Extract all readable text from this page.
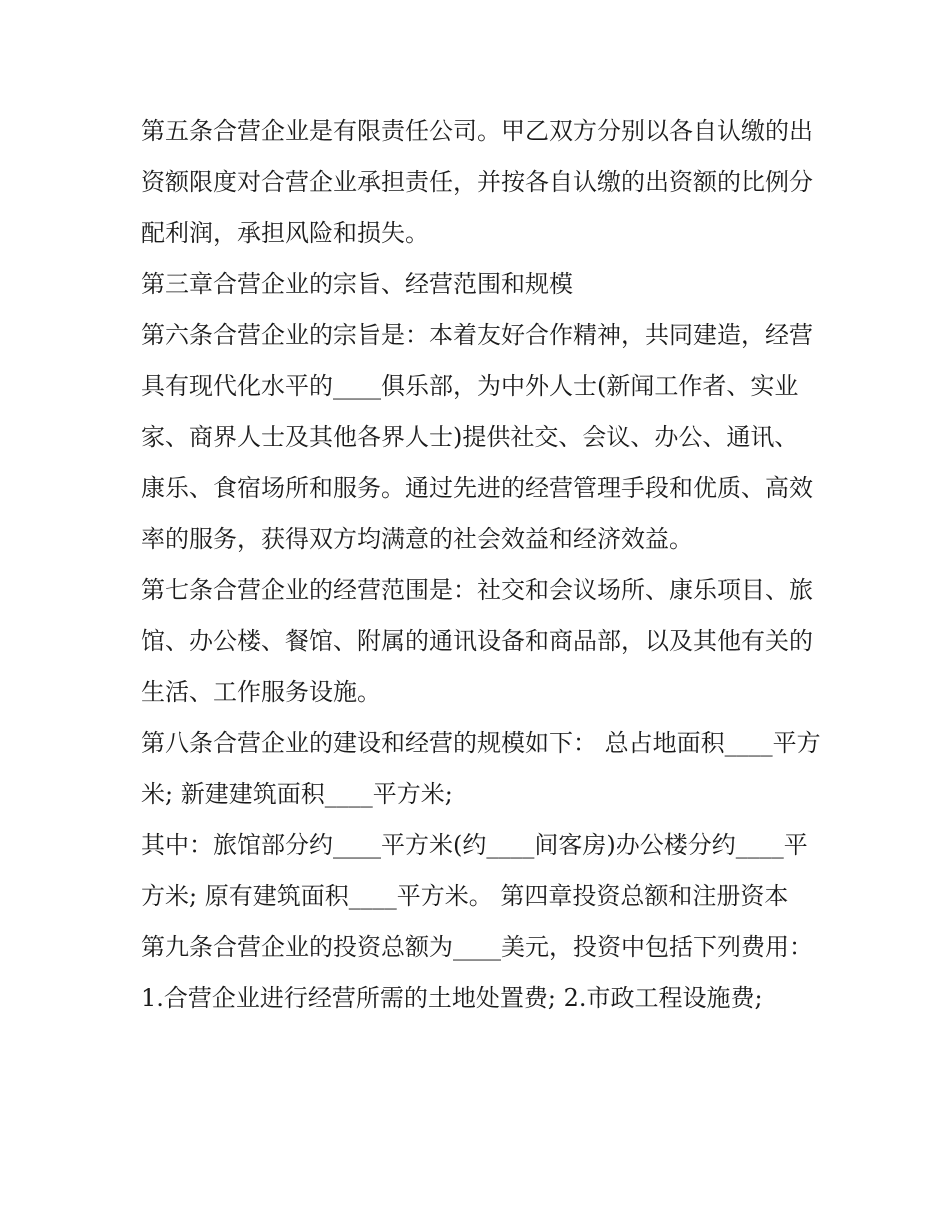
第五条合营企业是有限责任公司。甲乙双方分别以各自认缴的出资额限度对合营企业承担责任，并按各自认缴的出资额的比例分配利润，承担风险和损失。

第三章合营企业的宗旨、经营范围和规模

第六条合营企业的宗旨是：本着友好合作精神，共同建造，经营具有现代化水平的____俱乐部，为中外人士(新闻工作者、实业家、商界人士及其他各界人士)提供社交、会议、办公、通讯、康乐、食宿场所和服务。通过先进的经营管理手段和优质、高效率的服务，获得双方均满意的社会效益和经济效益。

第七条合营企业的经营范围是：社交和会议场所、康乐项目、旅馆、办公楼、餐馆、附属的通讯设备和商品部，以及其他有关的生活、工作服务设施。

第八条合营企业的建设和经营的规模如下： 总占地面积____平方米; 新建建筑面积____平方米;

其中：旅馆部分约____平方米(约____间客房)办公楼分约____平方米; 原有建筑面积____平方米。 第四章投资总额和注册资本

第九条合营企业的投资总额为____美元，投资中包括下列费用： 1.合营企业进行经营所需的土地处置费; 2.市政工程设施费;
